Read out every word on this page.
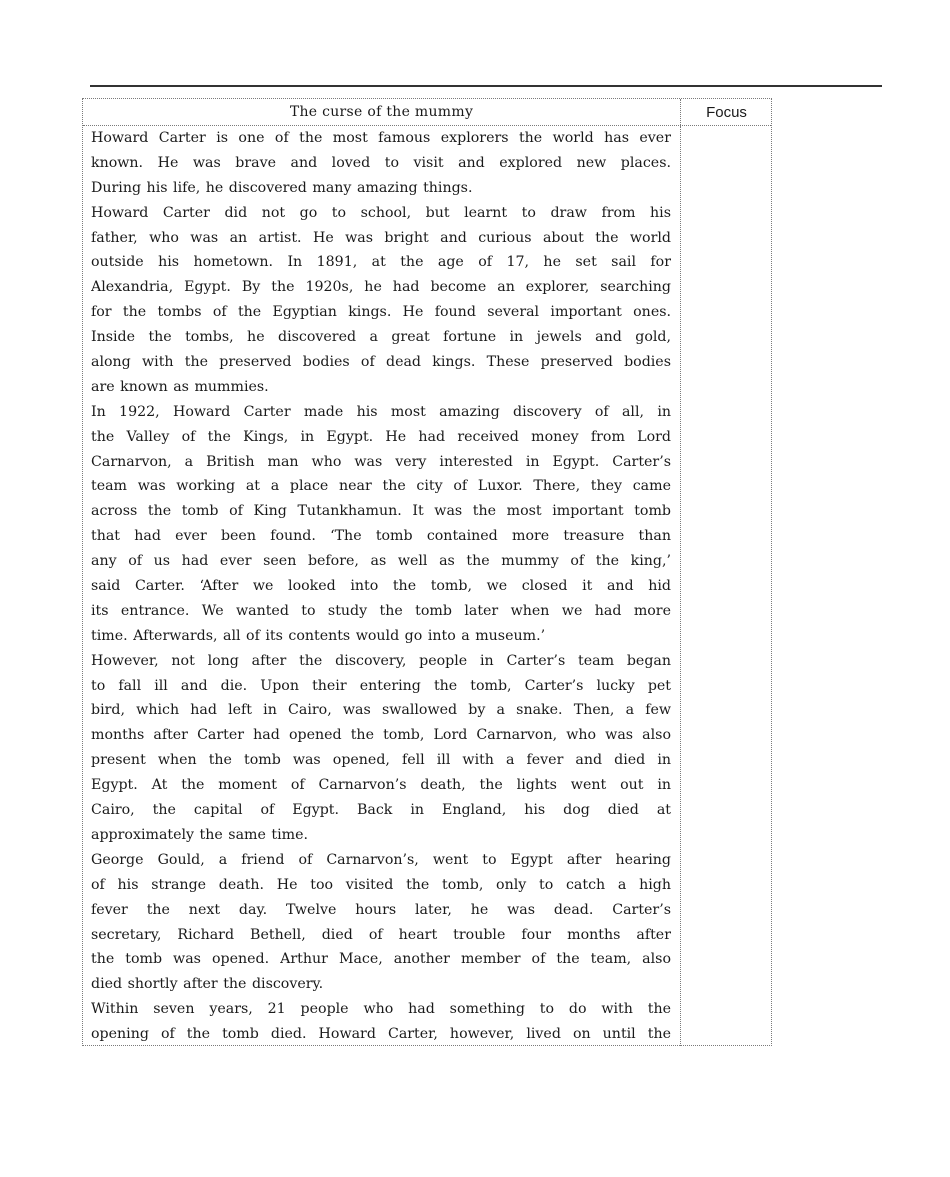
The curse of the mummy	Focus
Howard Carter is one of the most famous explorers the world has ever
known. He was brave and loved to visit and explored new places.
During his life, he discovered many amazing things.
Howard Carter did not go to school, but learnt to draw from his
father, who was an artist. He was bright and curious about the world
outside his hometown. In 1891, at the age of 17, he set sail for
Alexandria, Egypt. By the 1920s, he had become an explorer, searching
for the tombs of the Egyptian kings. He found several important ones.
Inside the tombs, he discovered a great fortune in jewels and gold,
along with the preserved bodies of dead kings. These preserved bodies
are known as mummies.
In 1922, Howard Carter made his most amazing discovery of all, in
the Valley of the Kings, in Egypt. He had received money from Lord
Carnarvon, a British man who was very interested in Egypt. Carter’s
team was working at a place near the city of Luxor. There, they came
across the tomb of King Tutankhamun. It was the most important tomb
that had ever been found. ‘The tomb contained more treasure than
any of us had ever seen before, as well as the mummy of the king,’
said Carter. ‘After we looked into the tomb, we closed it and hid
its entrance. We wanted to study the tomb later when we had more
time. Afterwards, all of its contents would go into a museum.’
However, not long after the discovery, people in Carter’s team began
to fall ill and die. Upon their entering the tomb, Carter’s lucky pet
bird, which had left in Cairo, was swallowed by a snake. Then, a few
months after Carter had opened the tomb, Lord Carnarvon, who was also
present when the tomb was opened, fell ill with a fever and died in
Egypt. At the moment of Carnarvon’s death, the lights went out in
Cairo, the capital of Egypt. Back in England, his dog died at
approximately the same time.
George Gould, a friend of Carnarvon’s, went to Egypt after hearing
of his strange death. He too visited the tomb, only to catch a high
fever the next day. Twelve hours later, he was dead. Carter’s
secretary, Richard Bethell, died of heart trouble four months after
the tomb was opened. Arthur Mace, another member of the team, also
died shortly after the discovery.
Within seven years, 21 people who had something to do with the
opening of the tomb died. Howard Carter, however, lived on until the
